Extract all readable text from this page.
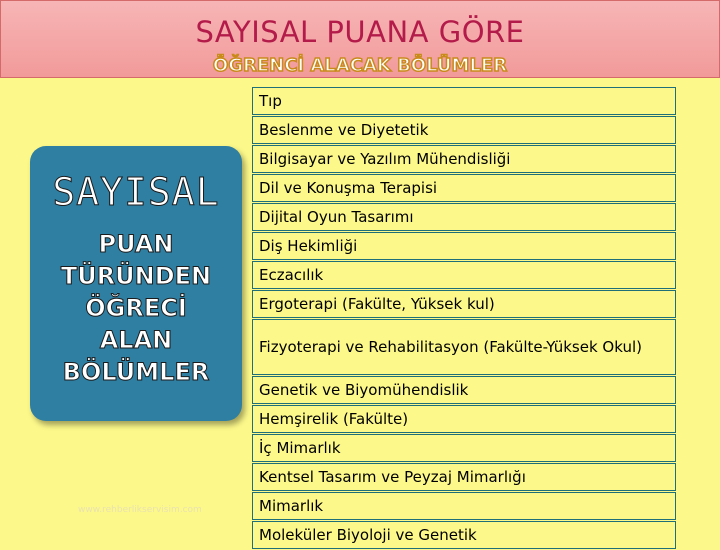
SAYISAL PUANA GÖRE
ÖĞRENCİ ALACAK BÖLÜMLER
SAYISAL
PUAN
TÜRÜNDEN
ÖĞRECİ
ALAN
BÖLÜMLER
www.rehberlikservisim.com
Tıp
Beslenme ve Diyetetik
Bilgisayar ve Yazılım Mühendisliği
Dil ve Konuşma Terapisi
Dijital Oyun Tasarımı
Diş Hekimliği
Eczacılık
Ergoterapi (Fakülte, Yüksek kul)
Fizyoterapi ve Rehabilitasyon (Fakülte-Yüksek Okul)
Genetik ve Biyomühendislik
Hemşirelik (Fakülte)
İç Mimarlık
Kentsel Tasarım ve Peyzaj Mimarlığı
Mimarlık
Moleküler Biyoloji ve Genetik
